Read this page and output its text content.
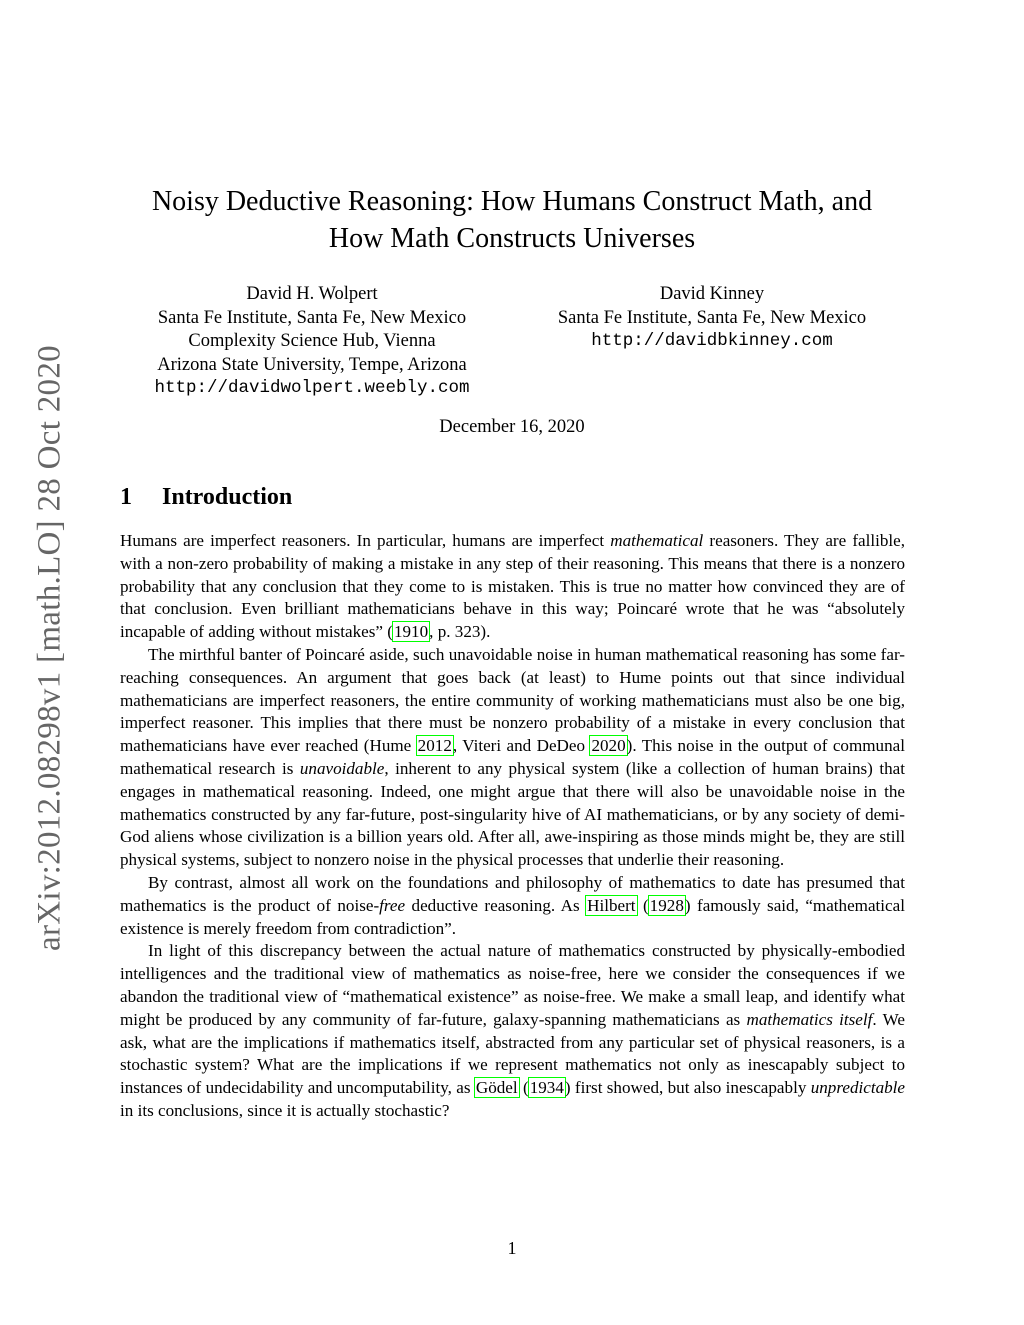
arXiv:2012.08298v1 [math.LO] 28 Oct 2020
Noisy Deductive Reasoning: How Humans Construct Math, and
How Math Constructs Universes
David H. Wolpert
Santa Fe Institute, Santa Fe, New Mexico
Complexity Science Hub, Vienna
Arizona State University, Tempe, Arizona
http://davidwolpert.weebly.com
David Kinney
Santa Fe Institute, Santa Fe, New Mexico
http://davidbkinney.com
December 16, 2020
1 Introduction

Humans are imperfect reasoners. In particular, humans are imperfect mathematical reasoners. They are fallible, with a non-zero probability of making a mistake in any step of their reasoning. This means that there is a nonzero probability that any conclusion that they come to is mistaken. This is true no matter how convinced they are of that conclusion. Even brilliant mathematicians behave in this way; Poincaré wrote that he was “absolutely incapable of adding without mistakes” (1910, p. 323).

The mirthful banter of Poincaré aside, such unavoidable noise in human mathematical reasoning has some far-reaching consequences. An argument that goes back (at least) to Hume points out that since individual mathematicians are imperfect reasoners, the entire community of working mathematicians must also be one big, imperfect reasoner. This implies that there must be nonzero probability of a mistake in every conclusion that mathematicians have ever reached (Hume 2012, Viteri and DeDeo 2020). This noise in the output of communal mathematical research is unavoidable, inherent to any physical system (like a collection of human brains) that engages in mathematical reasoning. Indeed, one might argue that there will also be unavoidable noise in the mathematics constructed by any far-future, post-singularity hive of AI mathematicians, or by any society of demi-God aliens whose civilization is a billion years old. After all, awe-inspiring as those minds might be, they are still physical systems, subject to nonzero noise in the physical processes that underlie their reasoning.

By contrast, almost all work on the foundations and philosophy of mathematics to date has presumed that mathematics is the product of noise-free deductive reasoning. As Hilbert (1928) famously said, “mathematical existence is merely freedom from contradiction”.

In light of this discrepancy between the actual nature of mathematics constructed by physically-embodied intelligences and the traditional view of mathematics as noise-free, here we consider the consequences if we abandon the traditional view of “mathematical existence” as noise-free. We make a small leap, and identify what might be produced by any community of far-future, galaxy-spanning mathematicians as mathematics itself. We ask, what are the implications if mathematics itself, abstracted from any particular set of physical reasoners, is a stochastic system? What are the implications if we represent mathematics not only as inescapably subject to instances of undecidability and uncomputability, as Gödel (1934) first showed, but also inescapably unpredictable in its conclusions, since it is actually stochastic?

1
